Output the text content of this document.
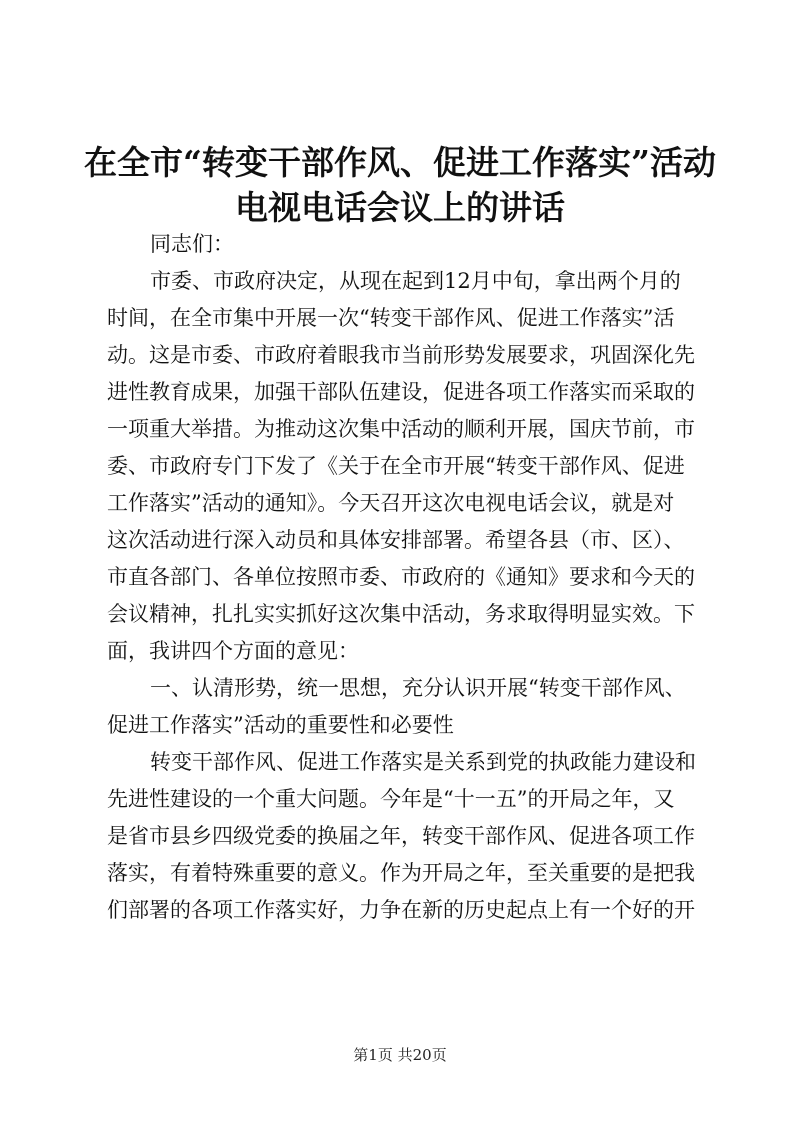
在全市“转变干部作风、促进工作落实”活动
电视电话会议上的讲话
同志们：
市委、市政府决定，从现在起到12月中旬，拿出两个月的
时间，在全市集中开展一次“转变干部作风、促进工作落实”活
动。这是市委、市政府着眼我市当前形势发展要求，巩固深化先
进性教育成果，加强干部队伍建设，促进各项工作落实而采取的
一项重大举措。为推动这次集中活动的顺利开展，国庆节前，市
委、市政府专门下发了《关于在全市开展“转变干部作风、促进
工作落实”活动的通知》。今天召开这次电视电话会议，就是对
这次活动进行深入动员和具体安排部署。希望各县（市、区）、
市直各部门、各单位按照市委、市政府的《通知》要求和今天的
会议精神，扎扎实实抓好这次集中活动，务求取得明显实效。下
面，我讲四个方面的意见：
一、认清形势，统一思想，充分认识开展“转变干部作风、
促进工作落实”活动的重要性和必要性
转变干部作风、促进工作落实是关系到党的执政能力建设和
先进性建设的一个重大问题。今年是“十一五”的开局之年，又
是省市县乡四级党委的换届之年，转变干部作风、促进各项工作
落实，有着特殊重要的意义。作为开局之年，至关重要的是把我
们部署的各项工作落实好，力争在新的历史起点上有一个好的开
第1页 共20页
